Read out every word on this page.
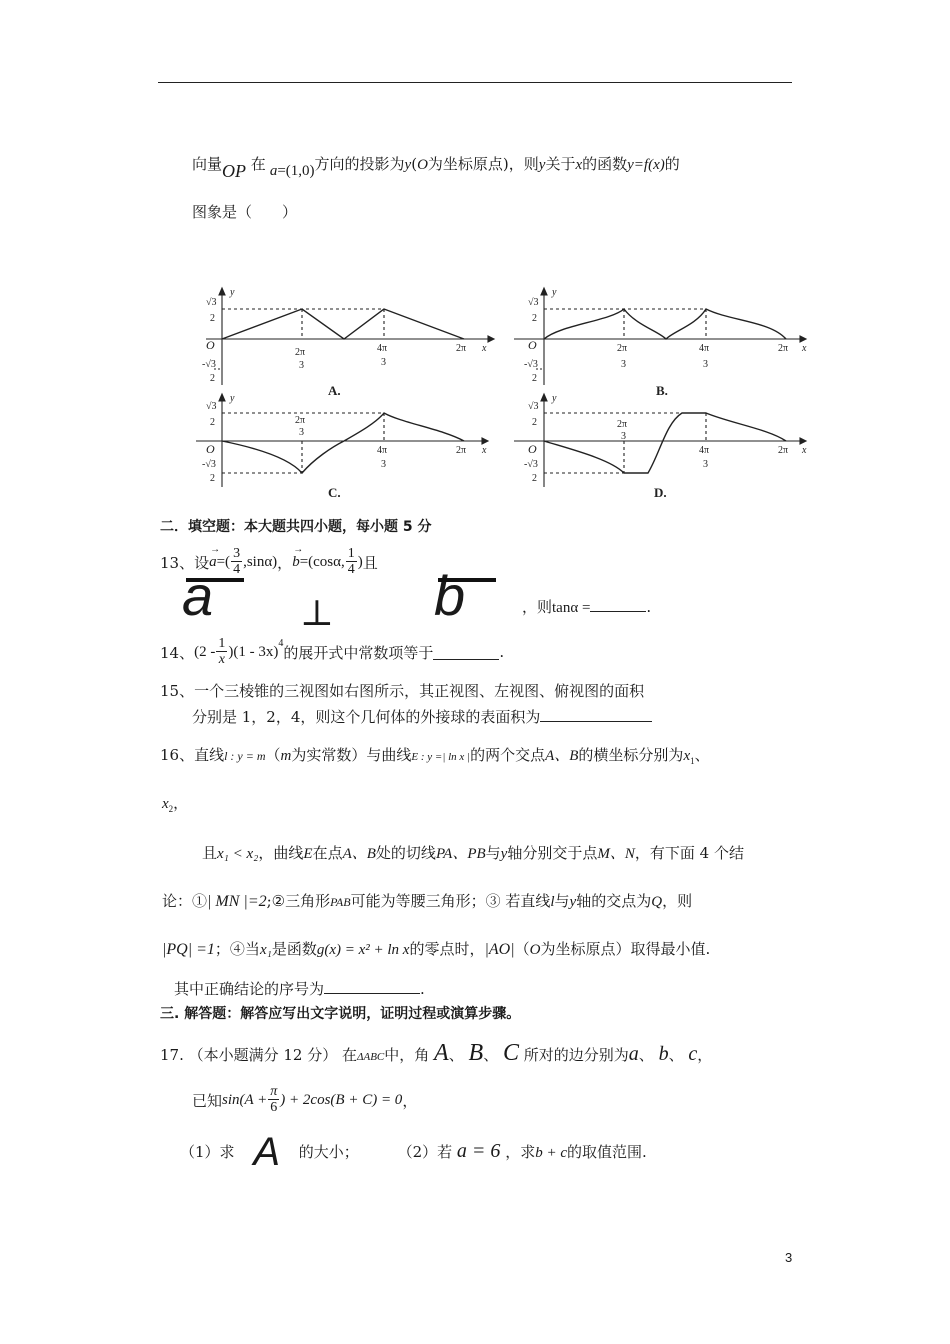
向量OP 在 a=(1,0)方向的投影为y(O为坐标原点)，则y关于x的函数y=f(x)的
图象是（　　）
√3
y
2
O
-√3
2
2π
3
4π
3
2π x
A.
√3
y
2
O
-√3
2
2π
3
4π
3
2π x
B.
√3
y
2
O
-√3
2
2π
3
4π
3
2π x
C.
√3
y
2
O
-√3
2
2π
3
4π
3
2π x
D.
二．填空题：本大题共四小题，每小题 5 分
13、设
→
a =( $\frac{3}{4} ,\sin\alpha$) ，
→
b =(cosα, $\frac{1}{4}$ ) 且
a ⊥ b	，则tanα =	.
14、 $(2 - \frac{1}{x} )(1 - 3x)^4$ 的展开式中常数项等于	.
15、一个三棱锥的三视图如右图所示，其正视图、左视图、俯视图的面积
分别是 1，2，4，则这个几何体的外接球的表面积为
16、直线l : y = m（m为实常数）与曲线E : y =| ln x |的两个交点A、B的横坐标分别为$x_1$、
$x_2$，
且x₁ < x₂，曲线E在点A、B处的切线PA、PB与y轴分别交于点M、N，有下面 4 个结
论：①| MN |=2;②三角形PAB可能为等腰三角形；③ 若直线l与y轴的交点为Q，则
|PQ| =1；④当x₁是函数g(x) = x² + ln x的零点时，|AO|（O为坐标原点）取得最小值.
其中正确结论的序号为	.
三. 解答题：解答应写出文字说明，证明过程或演算步骤。
17. （本小题满分 12 分） 在ΔABC中，角 A、 B、 C 所对的边分别为a、 b、 c，
已知 $\sin(A + \frac{\pi}{6}$ ) + 2cos(B + C) = 0 ，
（1）求 A 的大小；	（2）若 a = 6 ，求b + c的取值范围.
3
